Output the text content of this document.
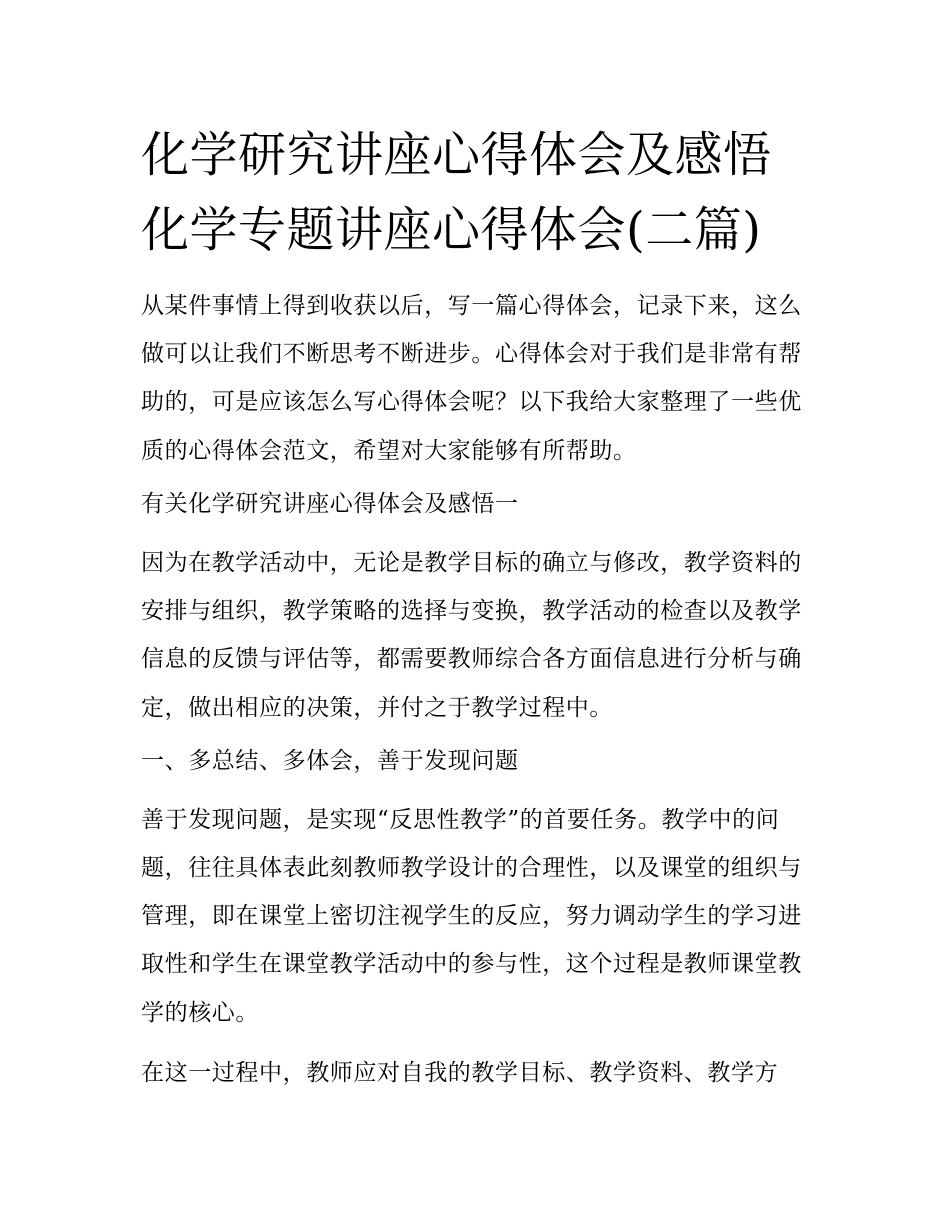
化学研究讲座心得体会及感悟
化学专题讲座心得体会(二篇)

从某件事情上得到收获以后，写一篇心得体会，记录下来，这么做可以让我们不断思考不断进步。心得体会对于我们是非常有帮助的，可是应该怎么写心得体会呢？以下我给大家整理了一些优质的心得体会范文，希望对大家能够有所帮助。

有关化学研究讲座心得体会及感悟一

因为在教学活动中，无论是教学目标的确立与修改，教学资料的安排与组织，教学策略的选择与变换，教学活动的检查以及教学信息的反馈与评估等，都需要教师综合各方面信息进行分析与确定，做出相应的决策，并付之于教学过程中。

一、多总结、多体会，善于发现问题

善于发现问题，是实现“反思性教学”的首要任务。教学中的问题，往往具体表此刻教师教学设计的合理性，以及课堂的组织与管理，即在课堂上密切注视学生的反应，努力调动学生的学习进取性和学生在课堂教学活动中的参与性，这个过程是教师课堂教学的核心。

在这一过程中，教师应对自我的教学目标、教学资料、教学方
